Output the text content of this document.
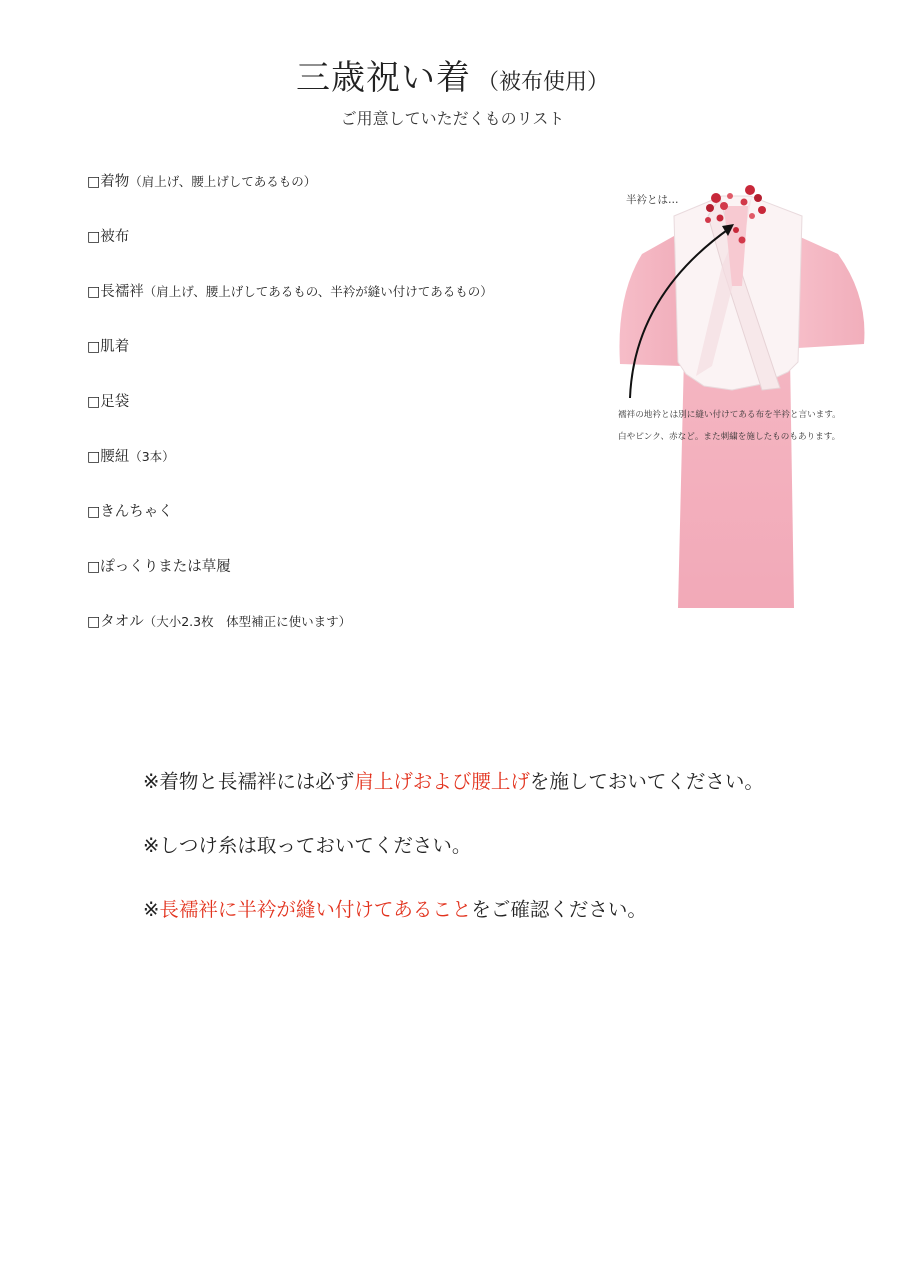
三歳祝い着 （被布使用）
ご用意していただくものリスト
□着物（肩上げ、腰上げしてあるもの）
□被布
□長襦袢（肩上げ、腰上げしてあるもの、半衿が縫い付けてあるもの）
□肌着
□足袋
□腰紐（3本）
□きんちゃく
□ぽっくりまたは草履
□タオル（大小2.3枚　体型補正に使います）
半衿とは…
襦袢の地衿とは別に縫い付けてある布を半衿と言います。
白やピンク、赤など。また刺繍を施したものもあります。
※着物と長襦袢には必ず肩上げおよび腰上げを施しておいてください。
※しつけ糸は取っておいてください。
※長襦袢に半衿が縫い付けてあることをご確認ください。
